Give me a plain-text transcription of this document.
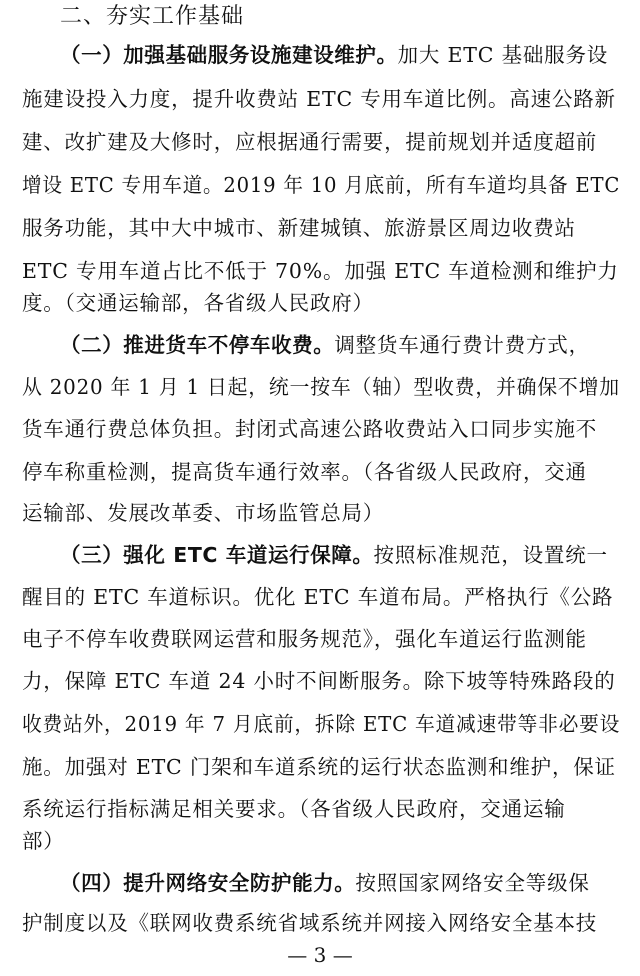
二、夯实工作基础
（一）加强基础服务设施建设维护。加大 ETC 基础服务设
施建设投入力度，提升收费站 ETC 专用车道比例。高速公路新
建、改扩建及大修时，应根据通行需要，提前规划并适度超前
增设 ETC 专用车道。2019 年 10 月底前，所有车道均具备 ETC
服务功能，其中大中城市、新建城镇、旅游景区周边收费站
ETC 专用车道占比不低于 70%。加强 ETC 车道检测和维护力
度。（交通运输部，各省级人民政府）
（二）推进货车不停车收费。调整货车通行费计费方式，
从 2020 年 1 月 1 日起，统一按车（轴）型收费，并确保不增加
货车通行费总体负担。封闭式高速公路收费站入口同步实施不
停车称重检测，提高货车通行效率。（各省级人民政府，交通
运输部、发展改革委、市场监管总局）
（三）强化 ETC 车道运行保障。按照标准规范，设置统一
醒目的 ETC 车道标识。优化 ETC 车道布局。严格执行《公路
电子不停车收费联网运营和服务规范》，强化车道运行监测能
力，保障 ETC 车道 24 小时不间断服务。除下坡等特殊路段的
收费站外，2019 年 7 月底前，拆除 ETC 车道减速带等非必要设
施。加强对 ETC 门架和车道系统的运行状态监测和维护，保证
系统运行指标满足相关要求。（各省级人民政府，交通运输
部）
（四）提升网络安全防护能力。按照国家网络安全等级保
护制度以及《联网收费系统省域系统并网接入网络安全基本技
— 3 —
